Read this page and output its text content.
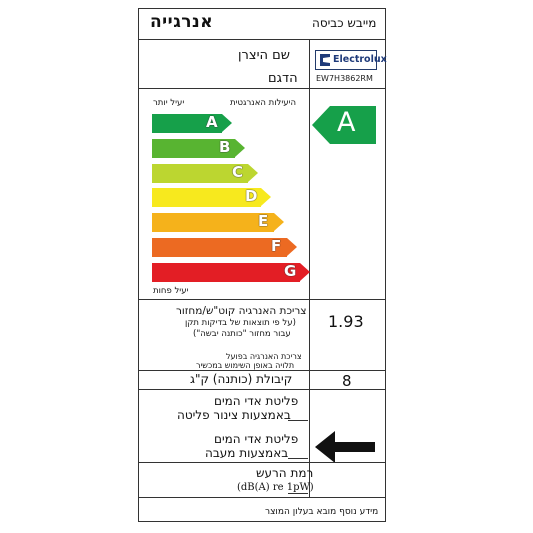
אנרגייה	מייבש כביסה
שם היצרן
הדגם
Electrolux
EW7H3862RM
היעילות האנרגטית
יעיל יותר
A
B
C
D
E
F
G
יעיל פחות
A
צריכת האנרגיה קוט"ש/מחזור
(על פי תוצאות של בדיקות תקן
עבור מחזור "כותנה יבשה")
1.93
צריכת האנרגיה בפועל
תלויה באופן השימוש במכשיר
קיבולת (כותנה) ק"ג	8
פליטת אדי המים
באמצעות צינור פליטה
פליטת אדי המים
באמצעות מעבה
רמת הרעש
(dB(A) re 1pW)
מידע נוסף מובא בעלון המוצר
